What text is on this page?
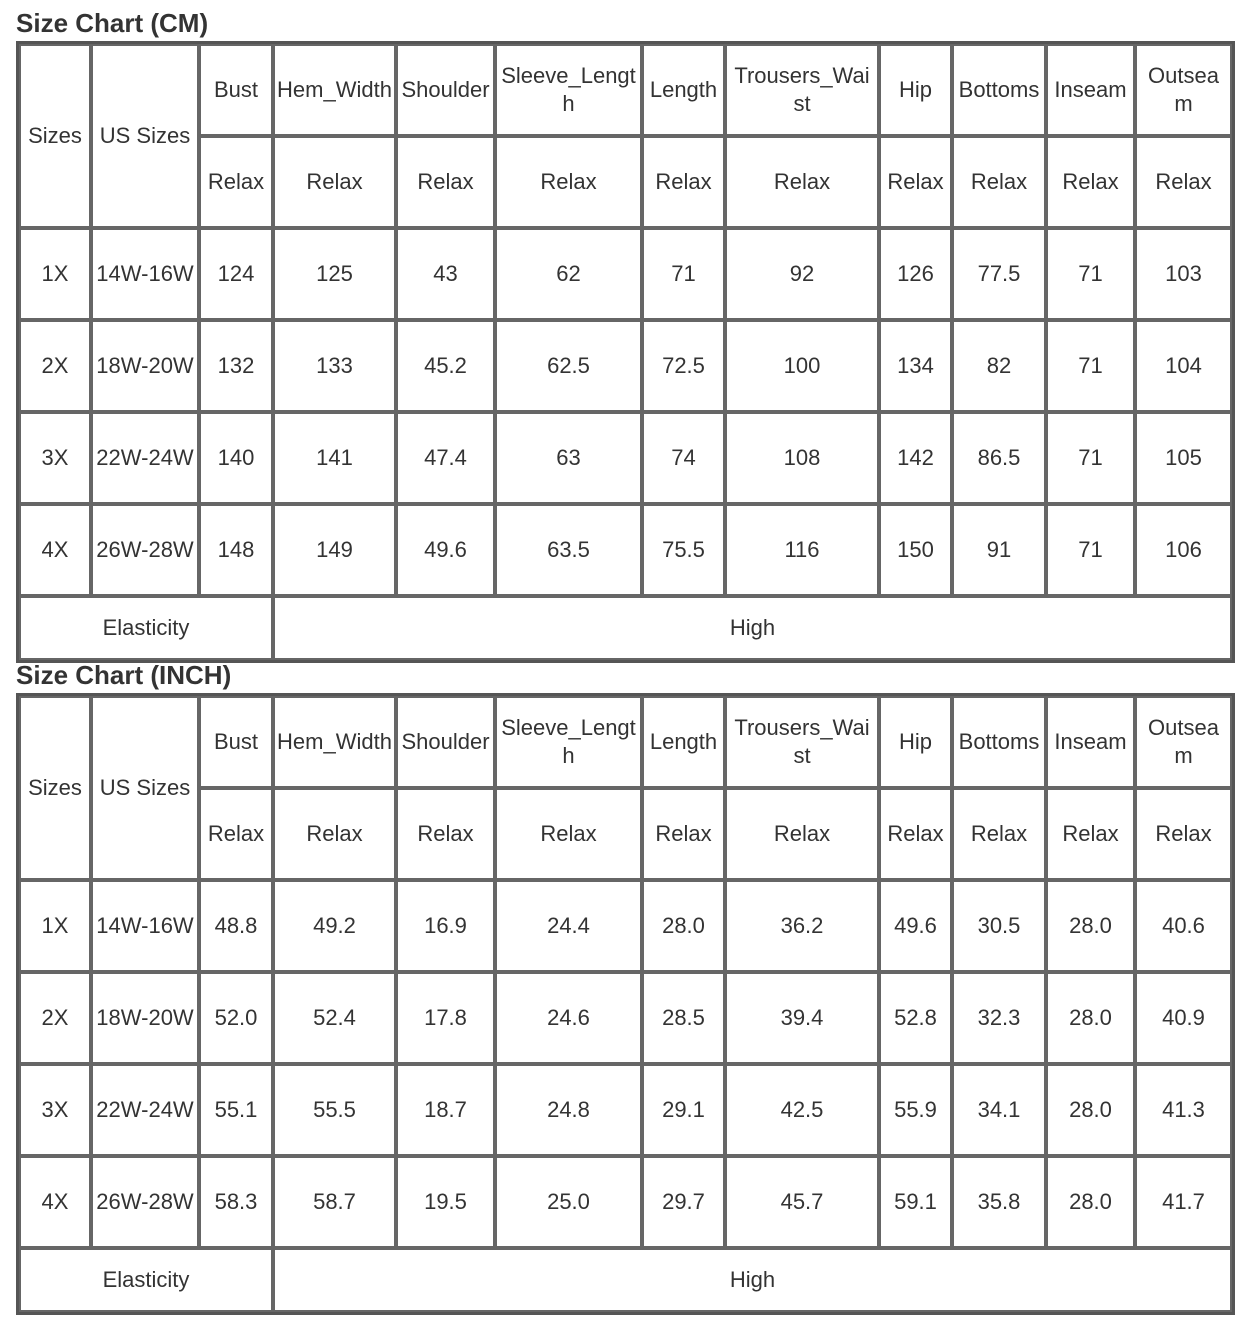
Size Chart (CM)
Sizes	US Sizes	Bust	Hem_Width	Shoulder	Sleeve_Length	Length	Trousers_Waist	Hip	Bottoms	Inseam	Outseam
		Relax	Relax	Relax	Relax	Relax	Relax	Relax	Relax	Relax	Relax
1X	14W-16W	124	125	43	62	71	92	126	77.5	71	103
2X	18W-20W	132	133	45.2	62.5	72.5	100	134	82	71	104
3X	22W-24W	140	141	47.4	63	74	108	142	86.5	71	105
4X	26W-28W	148	149	49.6	63.5	75.5	116	150	91	71	106
Elasticity			High								
Size Chart (INCH)
Sizes	US Sizes	Bust	Hem_Width	Shoulder	Sleeve_Length	Length	Trousers_Waist	Hip	Bottoms	Inseam	Outseam
		Relax	Relax	Relax	Relax	Relax	Relax	Relax	Relax	Relax	Relax
1X	14W-16W	48.8	49.2	16.9	24.4	28.0	36.2	49.6	30.5	28.0	40.6
2X	18W-20W	52.0	52.4	17.8	24.6	28.5	39.4	52.8	32.3	28.0	40.9
3X	22W-24W	55.1	55.5	18.7	24.8	29.1	42.5	55.9	34.1	28.0	41.3
4X	26W-28W	58.3	58.7	19.5	25.0	29.7	45.7	59.1	35.8	28.0	41.7
Elasticity			High								
